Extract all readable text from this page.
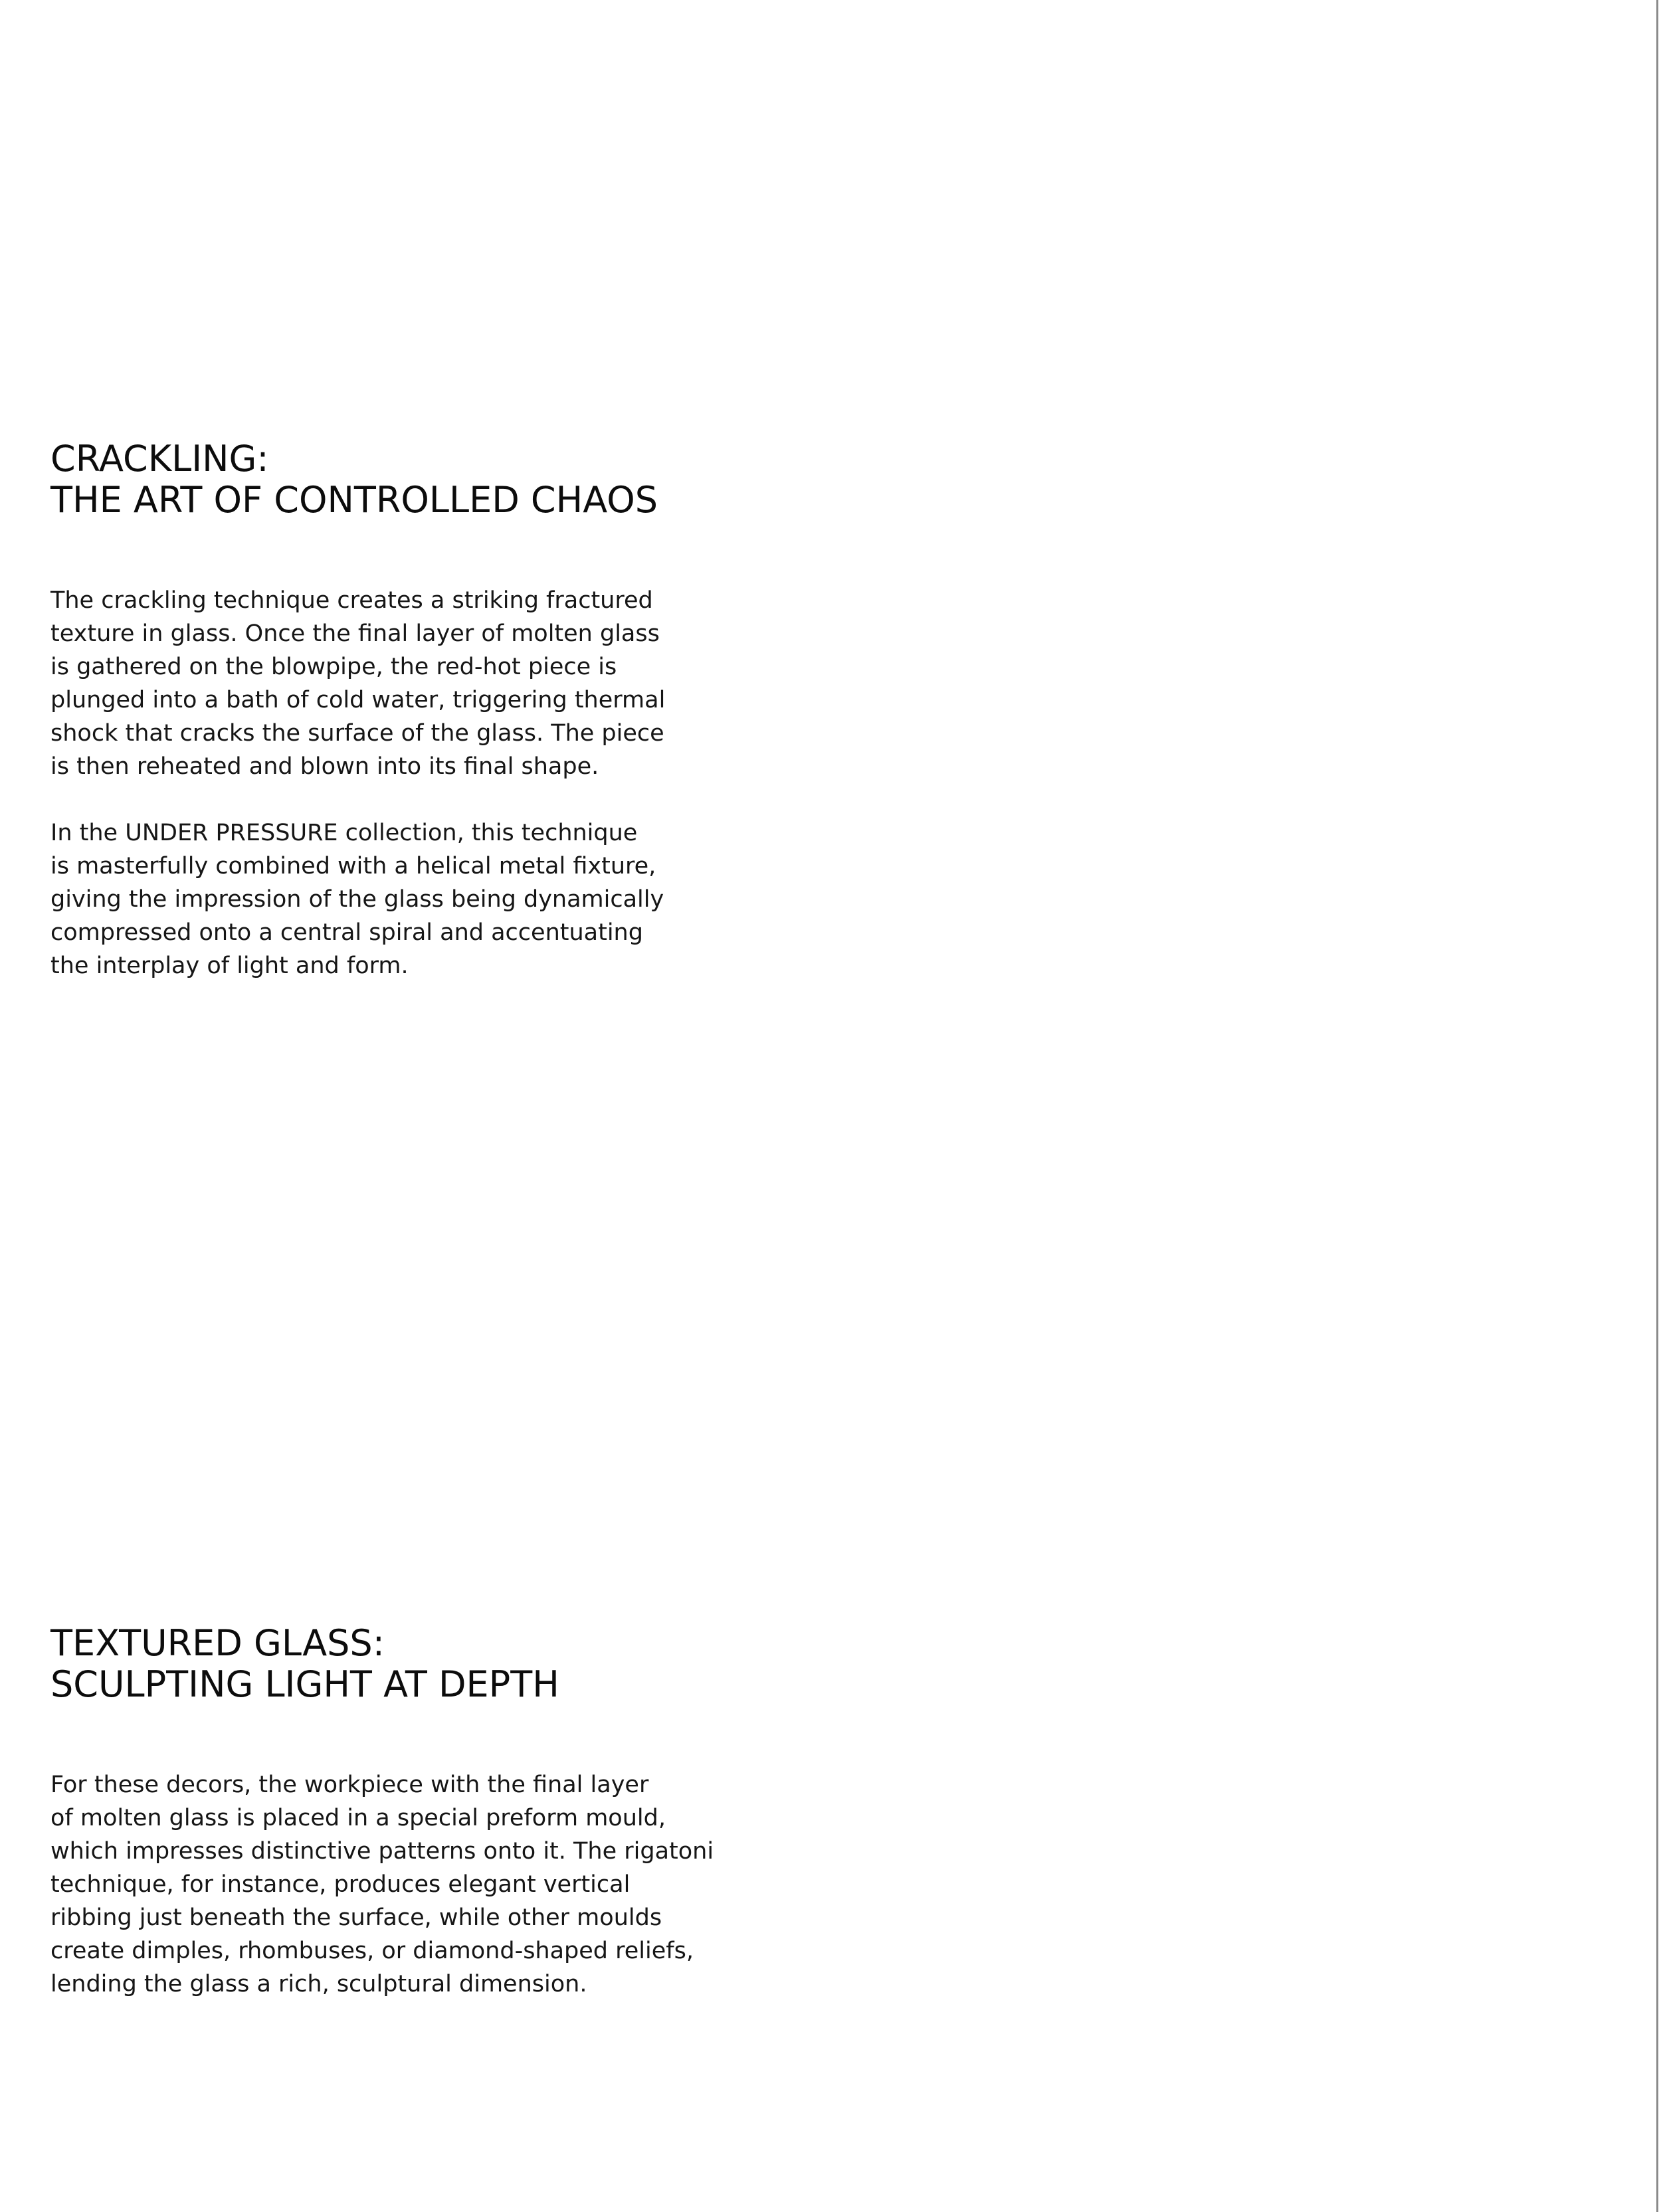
CRACKLING:
THE ART OF CONTROLLED CHAOS

The crackling technique creates a striking fractured
texture in glass. Once the final layer of molten glass
is gathered on the blowpipe, the red-hot piece is
plunged into a bath of cold water, triggering thermal
shock that cracks the surface of the glass. The piece
is then reheated and blown into its final shape.

In the UNDER PRESSURE collection, this technique
is masterfully combined with a helical metal fixture,
giving the impression of the glass being dynamically
compressed onto a central spiral and accentuating
the interplay of light and form.

TEXTURED GLASS:
SCULPTING LIGHT AT DEPTH

For these decors, the workpiece with the final layer
of molten glass is placed in a special preform mould,
which impresses distinctive patterns onto it. The rigatoni
technique, for instance, produces elegant vertical
ribbing just beneath the surface, while other moulds
create dimples, rhombuses, or diamond-shaped reliefs,
lending the glass a rich, sculptural dimension.
